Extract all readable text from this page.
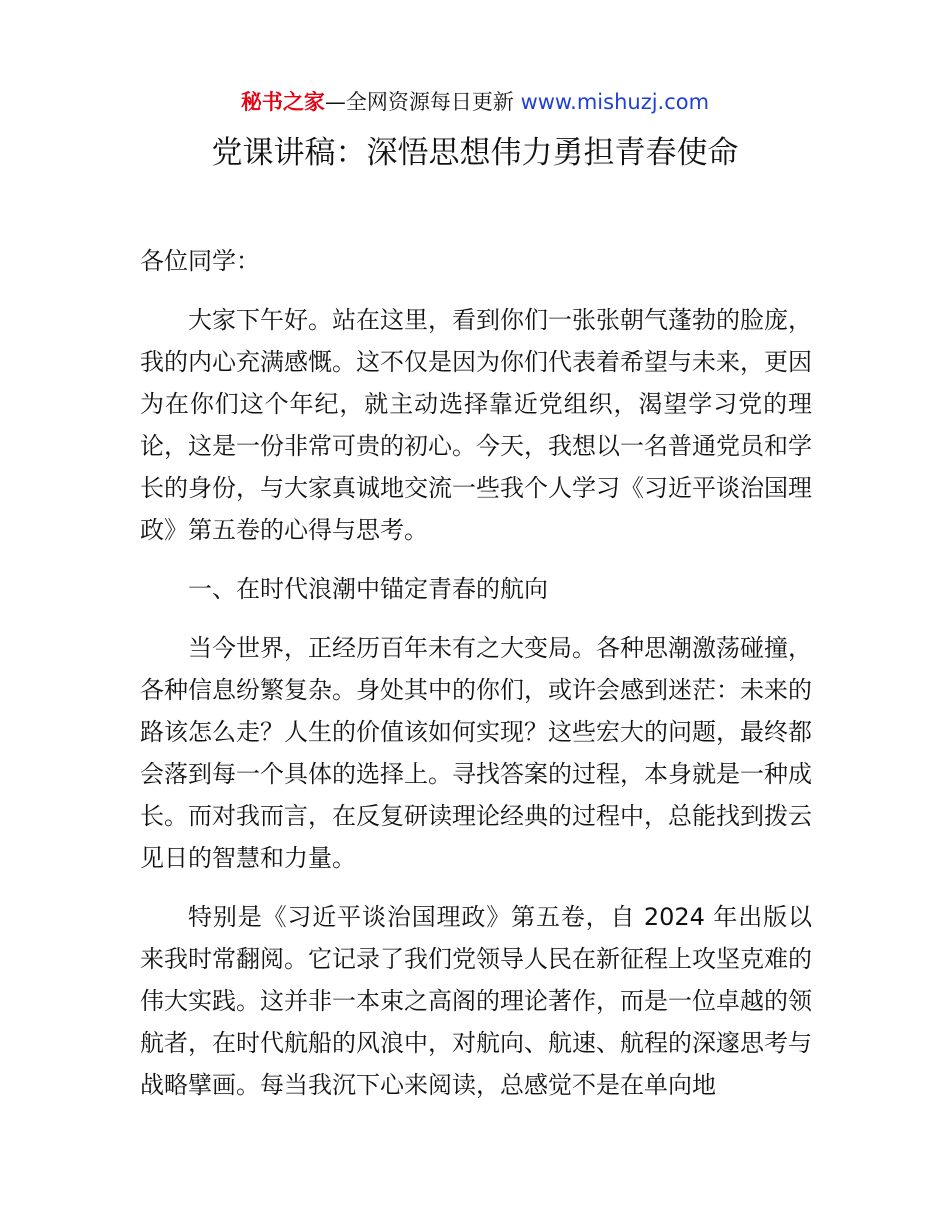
秘书之家—全网资源每日更新 www.mishuzj.com
党课讲稿：深悟思想伟力勇担青春使命

各位同学：

大家下午好。站在这里，看到你们一张张朝气蓬勃的脸庞，我的内心充满感慨。这不仅是因为你们代表着希望与未来，更因为在你们这个年纪，就主动选择靠近党组织，渴望学习党的理论，这是一份非常可贵的初心。今天，我想以一名普通党员和学长的身份，与大家真诚地交流一些我个人学习《习近平谈治国理政》第五卷的心得与思考。

一、在时代浪潮中锚定青春的航向

当今世界，正经历百年未有之大变局。各种思潮激荡碰撞，各种信息纷繁复杂。身处其中的你们，或许会感到迷茫：未来的路该怎么走？人生的价值该如何实现？这些宏大的问题，最终都会落到每一个具体的选择上。寻找答案的过程，本身就是一种成长。而对我而言，在反复研读理论经典的过程中，总能找到拨云见日的智慧和力量。

特别是《习近平谈治国理政》第五卷，自 2024 年出版以来我时常翻阅。它记录了我们党领导人民在新征程上攻坚克难的伟大实践。这并非一本束之高阁的理论著作，而是一位卓越的领航者，在时代航船的风浪中，对航向、航速、航程的深邃思考与战略擘画。每当我沉下心来阅读，总感觉不是在单向地
